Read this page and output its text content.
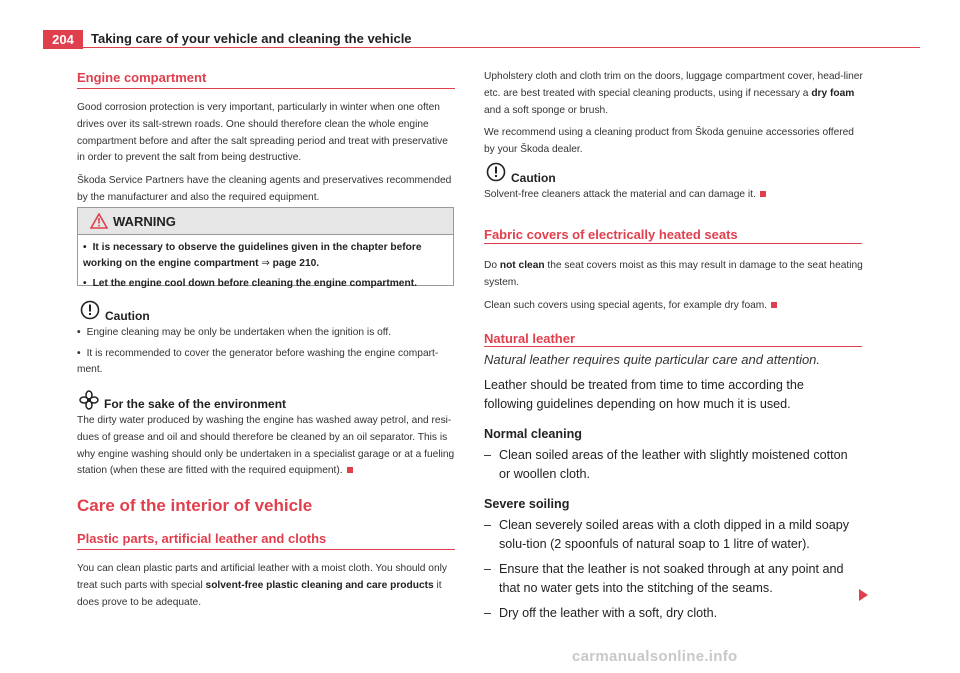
204	Taking care of your vehicle and cleaning the vehicle
Engine compartment

Good corrosion protection is very important, particularly in winter when one often drives over its salt-strewn roads. One should therefore clean the whole engine compartment before and after the salt spreading period and treat with preservative in order to prevent the salt from being destructive.

Škoda Service Partners have the cleaning agents and preservatives recommended by the manufacturer and also the required equipment.

WARNING
• It is necessary to observe the guidelines given in the chapter before working on the engine compartment ⇒ page 210.
• Let the engine cool down before cleaning the engine compartment.
Caution
• Engine cleaning may be only be undertaken when the ignition is off.
• It is recommended to cover the generator before washing the engine compart-ment.
For the sake of the environment
The dirty water produced by washing the engine has washed away petrol, and resi-dues of grease and oil and should therefore be cleaned by an oil separator. This is why engine washing should only be undertaken in a specialist garage or at a fueling station (when these are fitted with the required equipment).
Care of the interior of vehicle
Plastic parts, artificial leather and cloths
You can clean plastic parts and artificial leather with a moist cloth. You should only treat such parts with special solvent-free plastic cleaning and care products it does prove to be adequate.

Upholstery cloth and cloth trim on the doors, luggage compartment cover, head-liner etc. are best treated with special cleaning products, using if necessary a dry foam and a soft sponge or brush.

We recommend using a cleaning product from Škoda genuine accessories offered by your Škoda dealer.

Caution
Solvent-free cleaners attack the material and can damage it.
Fabric covers of electrically heated seats

Do not clean the seat covers moist as this may result in damage to the seat heating system.

Clean such covers using special agents, for example dry foam.

Natural leather
Natural leather requires quite particular care and attention.

Leather should be treated from time to time according the following guidelines depending on how much it is used.

Normal cleaning

– Clean soiled areas of the leather with slightly moistened cotton or woollen cloth.

Severe soiling

– Clean severely soiled areas with a cloth dipped in a mild soapy solu-tion (2 spoonfuls of natural soap to 1 litre of water).
– Ensure that the leather is not soaked through at any point and that no water gets into the stitching of the seams.
– Dry off the leather with a soft, dry cloth.
carmanualsonline.info
